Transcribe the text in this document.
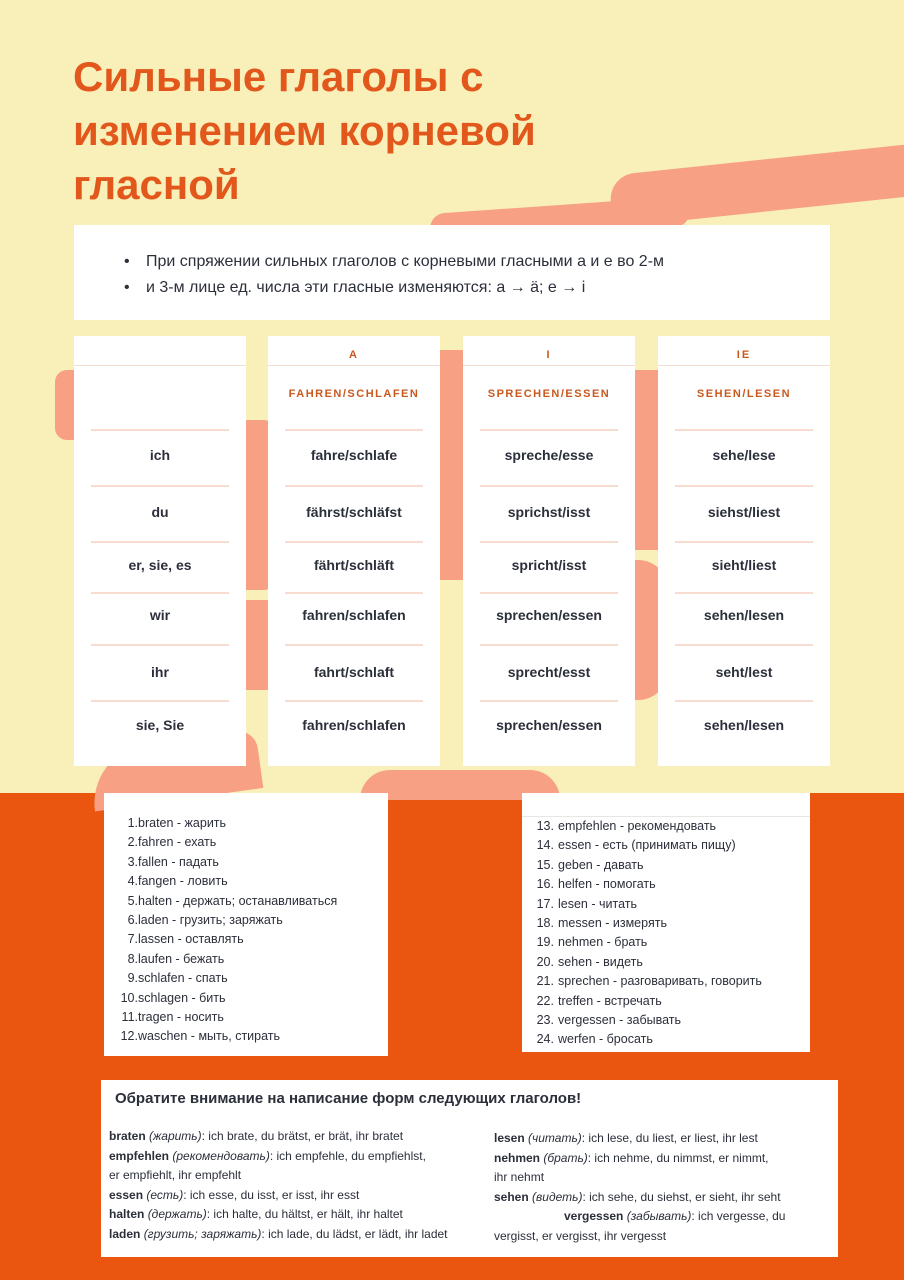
Сильные глаголы с изменением корневой гласной
• При спряжении сильных глаголов с корневыми гласными a и e во 2-м
• и 3-м лице ед. числа эти гласные изменяются: a → ä; e → i
ich
du
er, sie, es
wir
ihr
sie, Sie
A
FAHREN/SCHLAFEN
fahre/schlafe
fährst/schläfst
fährt/schläft
fahren/schlafen
fahrt/schlaft
fahren/schlafen
I
SPRECHEN/ESSEN
spreche/esse
sprichst/isst
spricht/isst
sprechen/essen
sprecht/esst
sprechen/essen
IE
SEHEN/LESEN
sehe/lese
siehst/liest
sieht/liest
sehen/lesen
seht/lest
sehen/lesen
1.braten - жарить
2.fahren - ехать
3.fallen - падать
4.fangen - ловить
5.halten - держать; останавливаться
6.laden - грузить; заряжать
7.lassen - оставлять
8.laufen - бежать
9.schlafen - спать
10.schlagen - бить
11.tragen - носить
12.waschen - мыть, стирать
13. empfehlen - рекомендовать
14. essen - есть (принимать пищу)
15. geben - давать
16. helfen - помогать
17. lesen - читать
18. messen - измерять
19. nehmen - брать
20. sehen - видеть
21. sprechen - разговаривать, говорить
22. treffen - встречать
23. vergessen - забывать
24. werfen - бросать
Обратите внимание на написание форм следующих глаголов!
braten (жарить): ich brate, du brätst, er brät, ihr bratet
empfehlen (рекомендовать): ich empfehle, du empfiehlst,
er empfiehlt, ihr empfehlt
essen (есть): ich esse, du isst, er isst, ihr esst
halten (держать): ich halte, du hältst, er hält, ihr haltet
laden (грузить; заряжать): ich lade, du lädst, er lädt, ihr ladet
lesen (читать): ich lese, du liest, er liest, ihr lest
nehmen (брать): ich nehme, du nimmst, er nimmt,
ihr nehmt
sehen (видеть): ich sehe, du siehst, er sieht, ihr seht
vergessen (забывать): ich vergesse, du
vergisst, er vergisst, ihr vergesst
